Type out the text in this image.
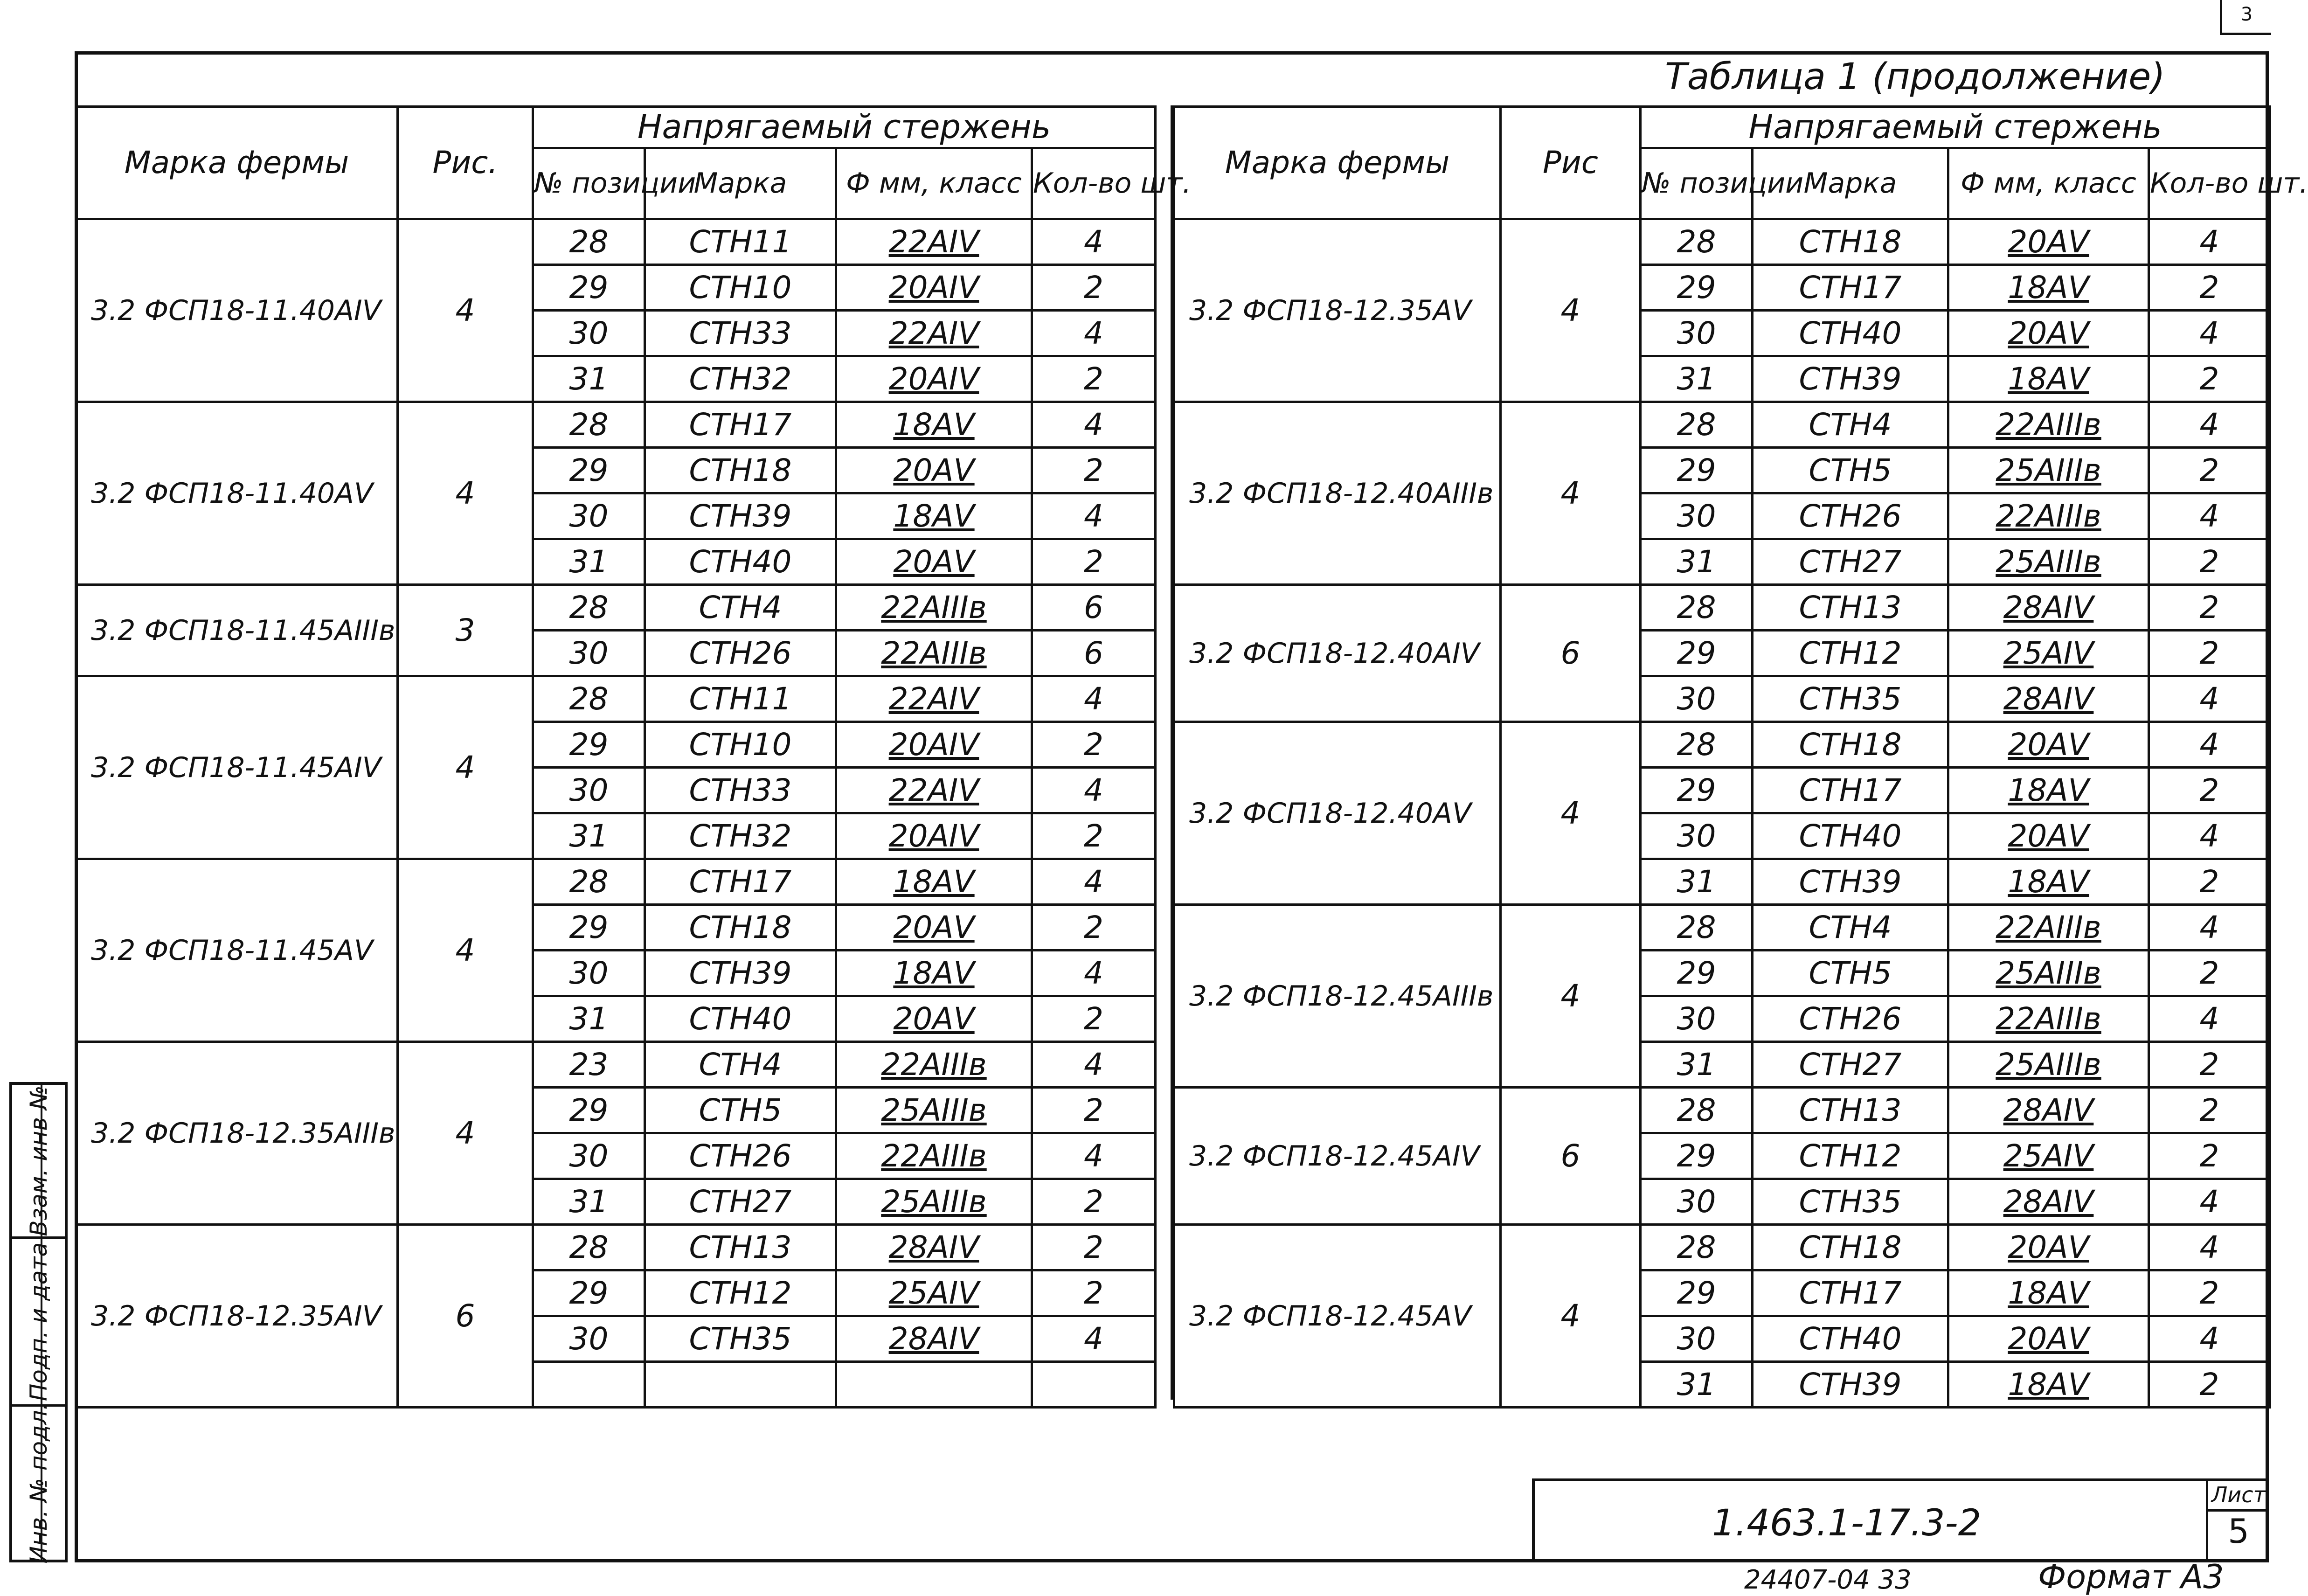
3
Взам. инв №
Подп. и дата
Инв. № подл.
Таблица 1 (продолжение)
Марка фермы	Рис.	Напрягаемый стержень			
		№ позиции	Марка	Ф мм, класс	Кол-во шт.
3.2 ФСП18-11.40АIV	4	28	СТН11	22АIV	4
		29	СТН10	20АIV	2
		30	СТН33	22АIV	4
		31	СТН32	20АIV	2
3.2 ФСП18-11.40АV	4	28	СТН17	18АV	4
		29	СТН18	20АV	2
		30	СТН39	18АV	4
		31	СТН40	20АV	2
3.2 ФСП18-11.45АIIIв	3	28	СТН4	22АIIIв	6
		30	СТН26	22АIIIв	6
3.2 ФСП18-11.45АIV	4	28	СТН11	22АIV	4
		29	СТН10	20АIV	2
		30	СТН33	22АIV	4
		31	СТН32	20АIV	2
3.2 ФСП18-11.45АV	4	28	СТН17	18АV	4
		29	СТН18	20АV	2
		30	СТН39	18АV	4
		31	СТН40	20АV	2
3.2 ФСП18-12.35АIIIв	4	23	СТН4	22АIIIв	4
		29	СТН5	25АIIIв	2
		30	СТН26	22АIIIв	4
		31	СТН27	25АIIIв	2
3.2 ФСП18-12.35АIV	6	28	СТН13	28АIV	2
		29	СТН12	25АIV	2
		30	СТН35	28АIV	4

Марка фермы	Рис	Напрягаемый стержень			
		№ позиции	Марка	Ф мм, класс	Кол-во шт.
3.2 ФСП18-12.35АV	4	28	СТН18	20АV	4
		29	СТН17	18АV	2
		30	СТН40	20АV	4
		31	СТН39	18АV	2
3.2 ФСП18-12.40АIIIв	4	28	СТН4	22АIIIв	4
		29	СТН5	25АIIIв	2
		30	СТН26	22АIIIв	4
		31	СТН27	25АIIIв	2
3.2 ФСП18-12.40АIV	6	28	СТН13	28АIV	2
		29	СТН12	25АIV	2
		30	СТН35	28АIV	4
3.2 ФСП18-12.40АV	4	28	СТН18	20АV	4
		29	СТН17	18АV	2
		30	СТН40	20АV	4
		31	СТН39	18АV	2
3.2 ФСП18-12.45АIIIв	4	28	СТН4	22АIIIв	4
		29	СТН5	25АIIIв	2
		30	СТН26	22АIIIв	4
		31	СТН27	25АIIIв	2
3.2 ФСП18-12.45АIV	6	28	СТН13	28АIV	2
		29	СТН12	25АIV	2
		30	СТН35	28АIV	4
3.2 ФСП18-12.45АV	4	28	СТН18	20АV	4
		29	СТН17	18АV	2
		30	СТН40	20АV	4
		31	СТН39	18АV	2
1.463.1-17.3-2
Лист
5
24407-04 33	Формат А3
